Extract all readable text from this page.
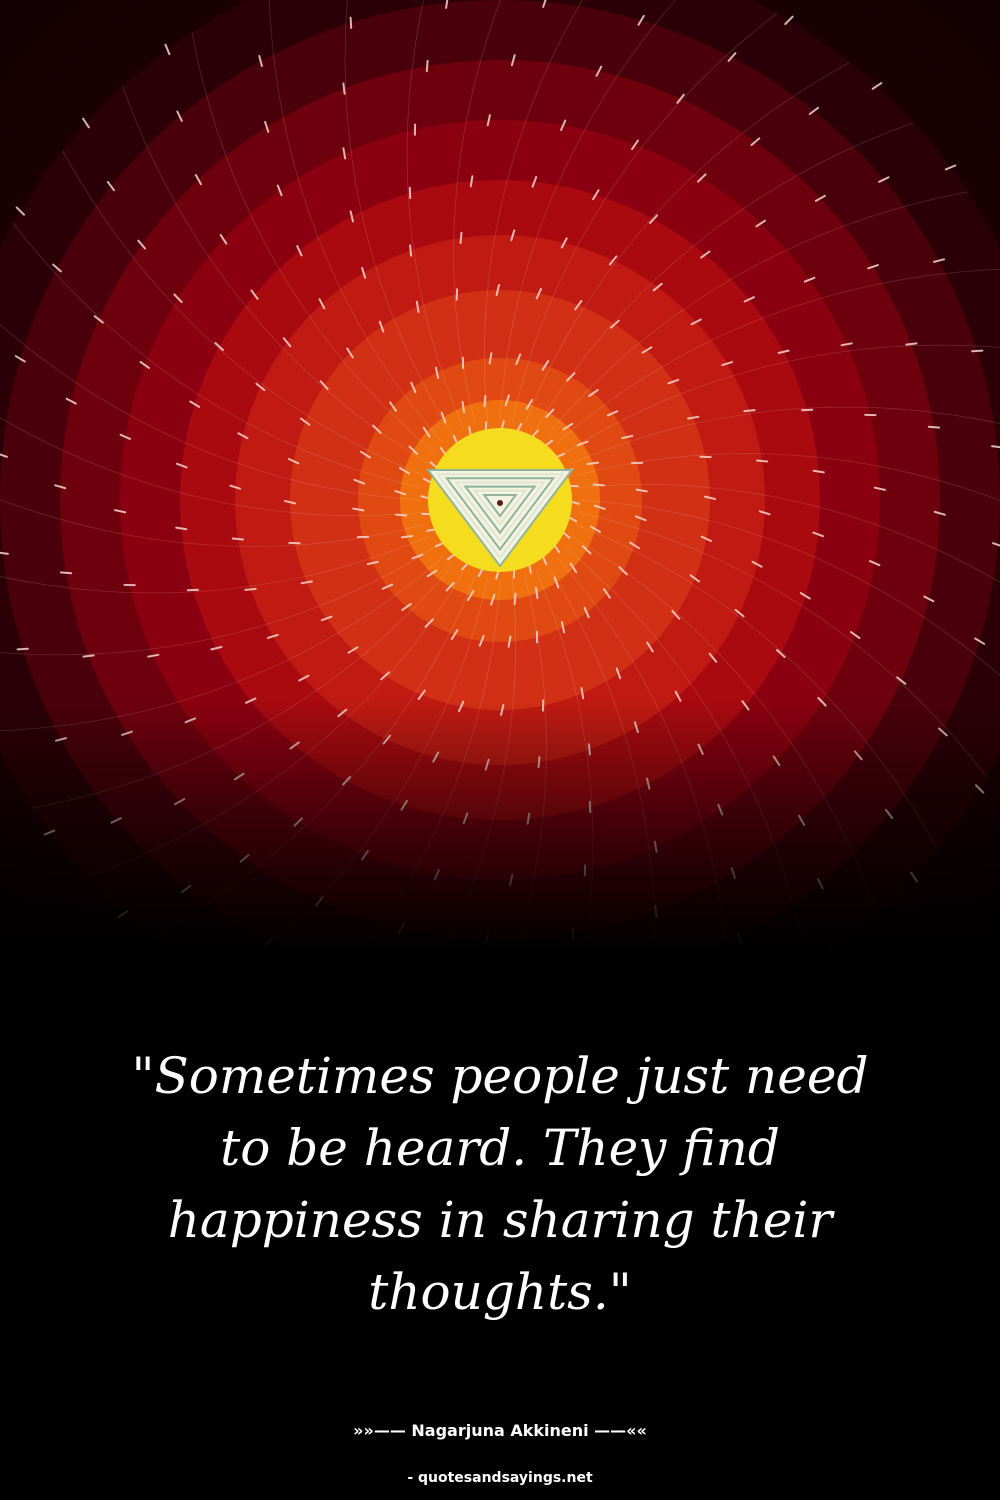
"Sometimes people just need to be heard. They find happiness in sharing their thoughts."

»»—— Nagarjuna Akkineni ——««
- quotesandsayings.net
